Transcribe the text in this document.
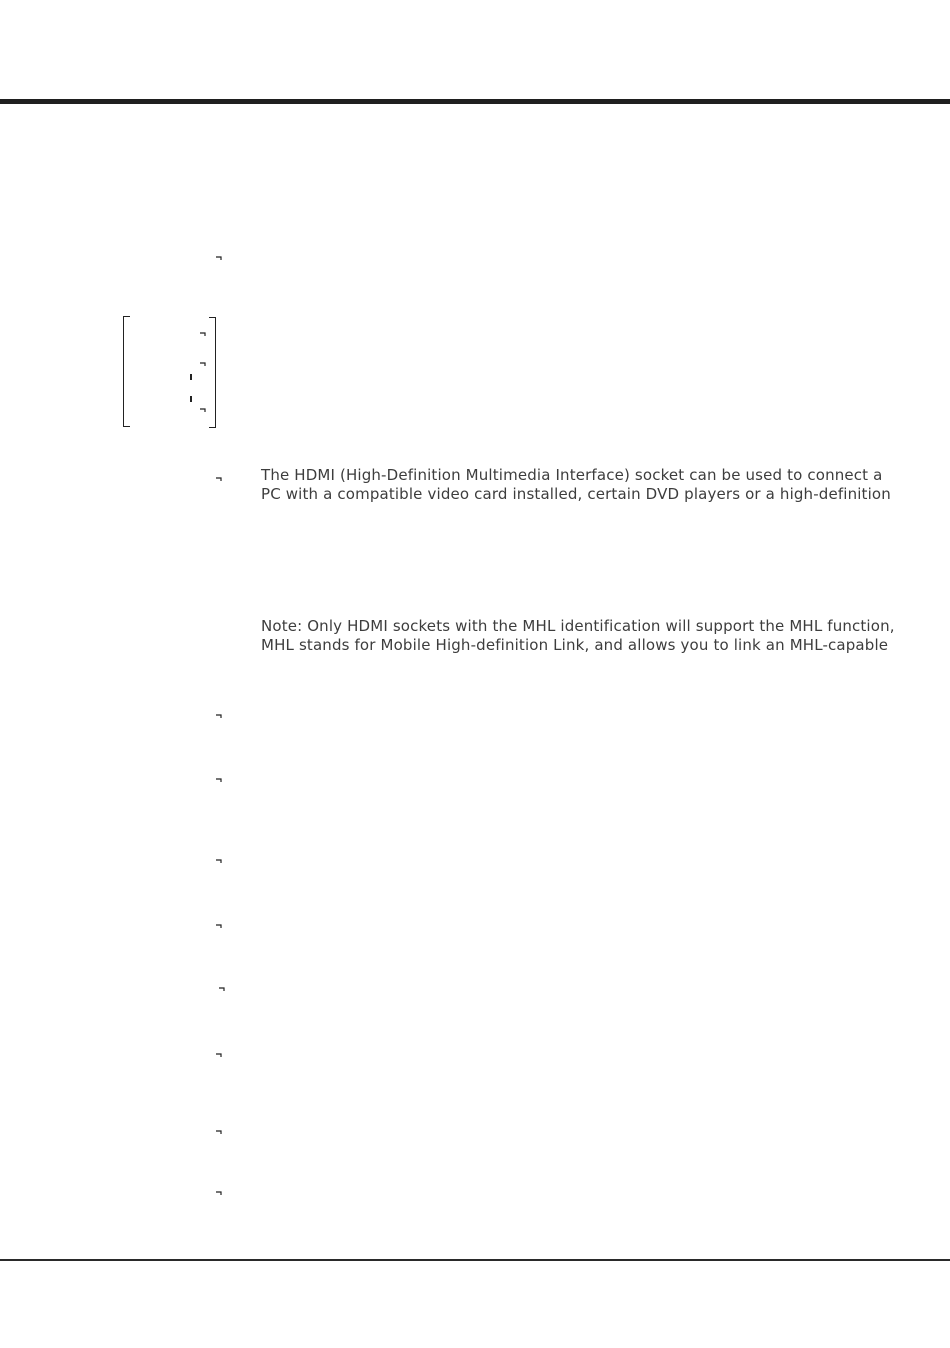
The HDMI (High-Definition Multimedia Interface) socket can be used to connect a
PC with a compatible video card installed, certain DVD players or a high-definition
Note: Only HDMI sockets with the MHL identification will support the MHL function,
MHL stands for Mobile High-definition Link, and allows you to link an MHL-capable
